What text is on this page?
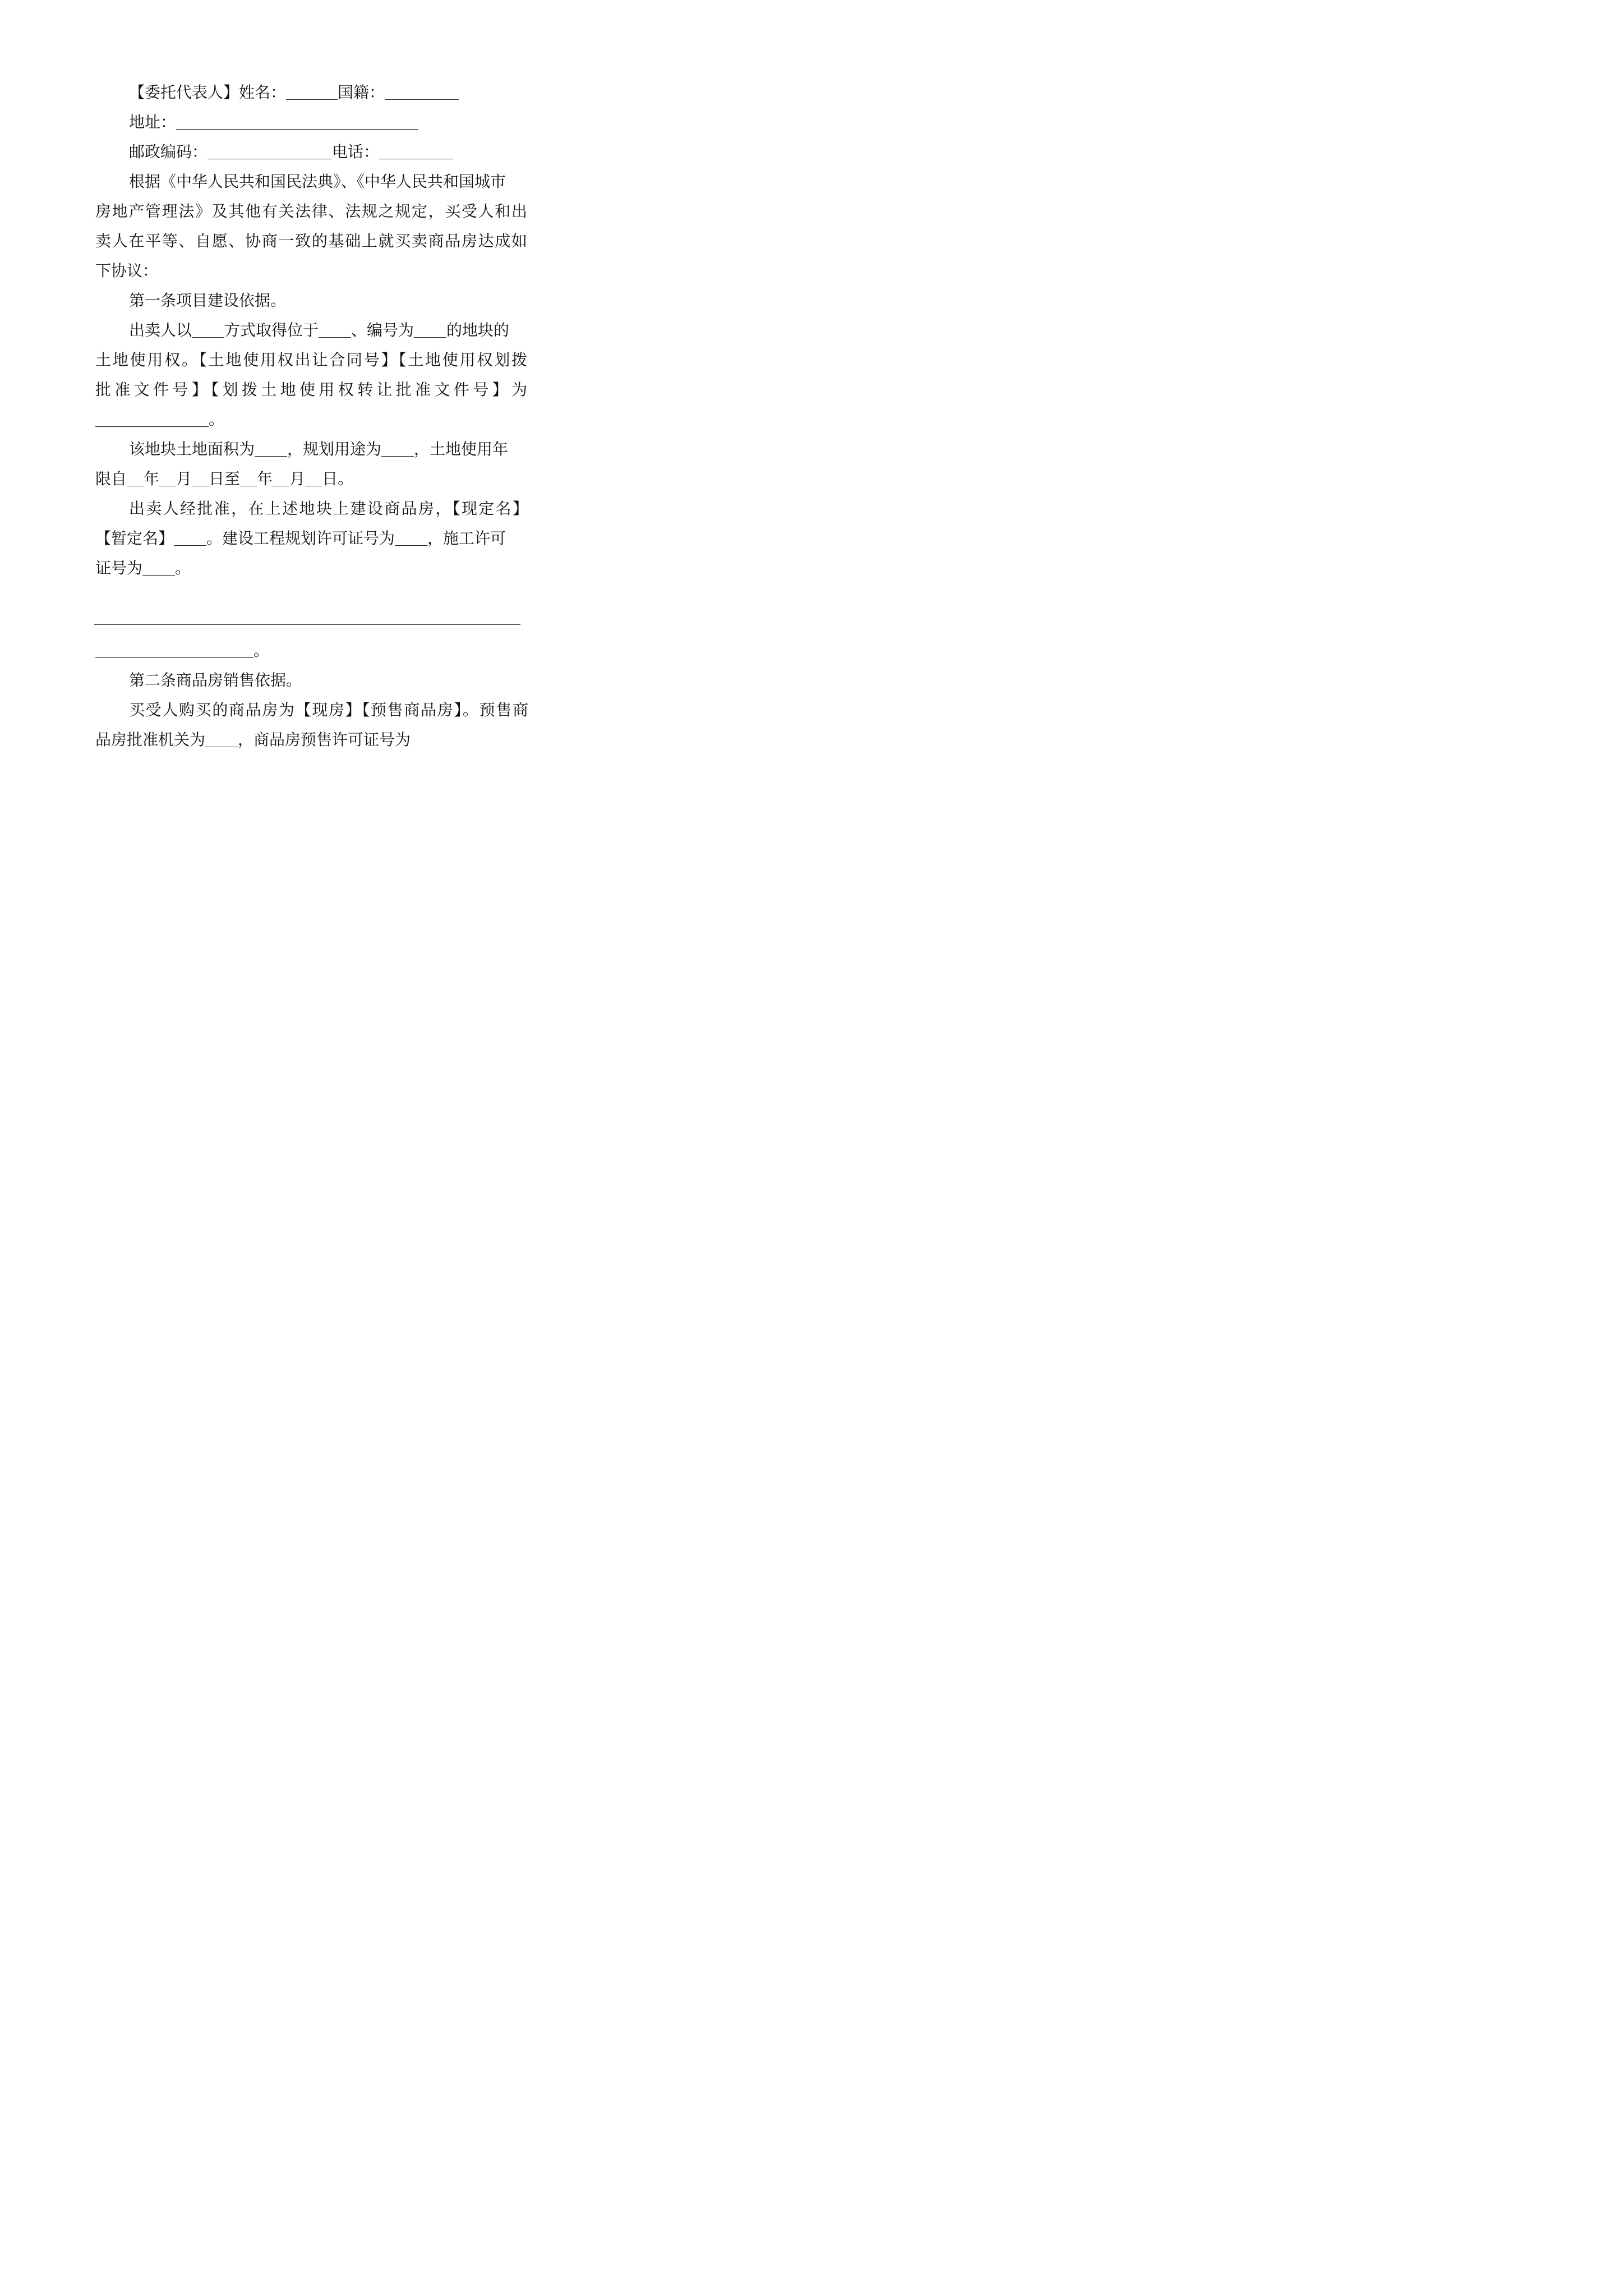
【委托代表人】姓名：	国籍：

地址：

邮政编码：	电话：

根据《中华人民共和国民法典》、《中华人民共和国城市

房地产管理法》及其他有关法律、法规之规定，买受人和出

卖人在平等、自愿、协商一致的基础上就买卖商品房达成如

下协议：

第一条项目建设依据。

出卖人以 方式取得位于 、编号为 的地块的

土地使用权。【土地使用权出让合同号】【土地使用权划拨

批准文件号】【划拨土地使用权转让批准文件号】为

。

该地块土地面积为 ，规划用途为 ，土地使用年

限自 年 月 日至 年 月 日。

出卖人经批准，在上述地块上建设商品房，【现定名】

【暂定名】 。建设工程规划许可证号为 ，施工许可

证号为 。

。

第二条商品房销售依据。

买受人购买的商品房为【现房】【预售商品房】。预售商

品房批准机关为 ，商品房预售许可证号为
